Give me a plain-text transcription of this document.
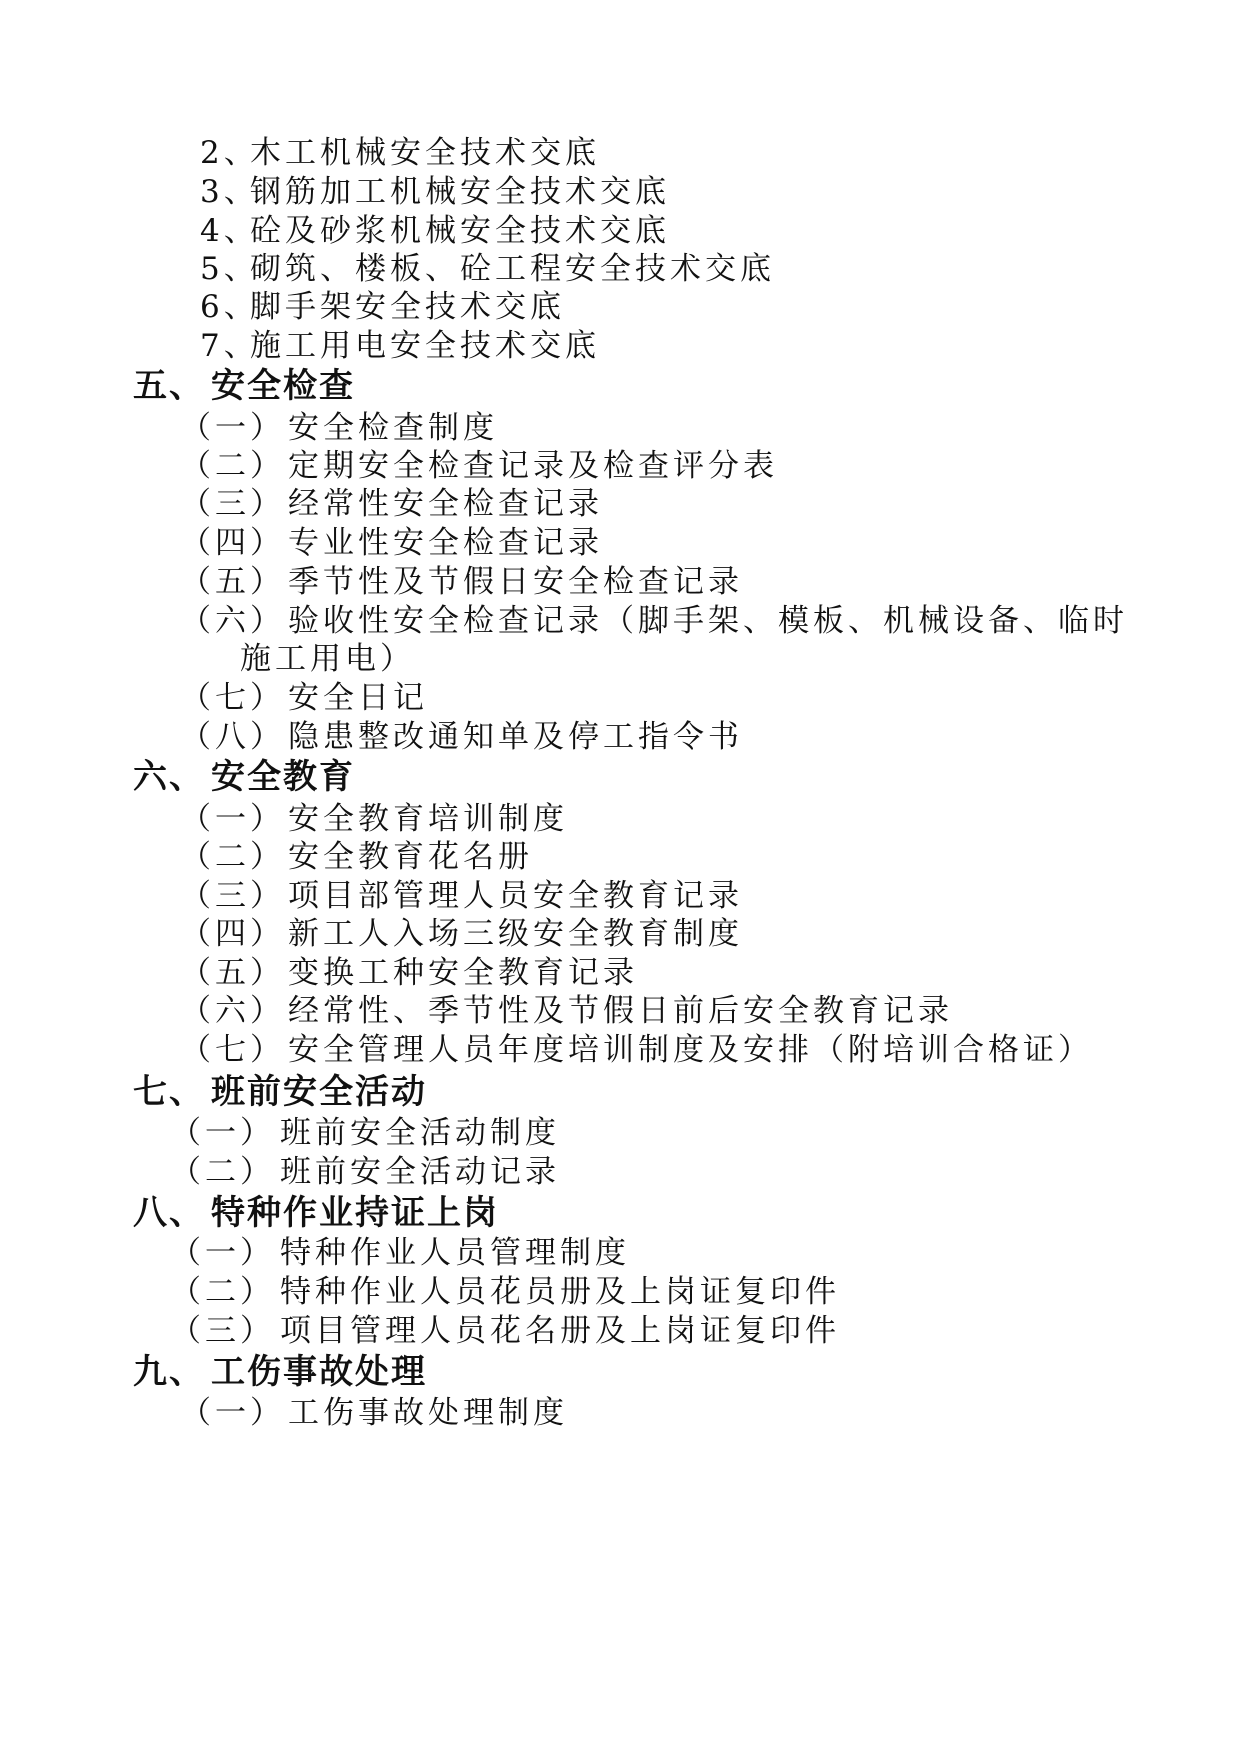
2、木工机械安全技术交底
3、钢筋加工机械安全技术交底
4、砼及砂浆机械安全技术交底
5、砌筑、楼板、砼工程安全技术交底
6、脚手架安全技术交底
7、施工用电安全技术交底
五、 安全检查
（一）安全检查制度
（二）定期安全检查记录及检查评分表
（三）经常性安全检查记录
（四）专业性安全检查记录
（五）季节性及节假日安全检查记录
（六）验收性安全检查记录（脚手架、模板、机械设备、临时
施工用电）
（七）安全日记
（八）隐患整改通知单及停工指令书
六、 安全教育
（一）安全教育培训制度
（二）安全教育花名册
（三）项目部管理人员安全教育记录
（四）新工人入场三级安全教育制度
（五）变换工种安全教育记录
（六）经常性、季节性及节假日前后安全教育记录
（七）安全管理人员年度培训制度及安排（附培训合格证）
七、 班前安全活动
（一） 班前安全活动制度
（二） 班前安全活动记录
八、 特种作业持证上岗
（一） 特种作业人员管理制度
（二） 特种作业人员花员册及上岗证复印件
（三） 项目管理人员花名册及上岗证复印件
九、 工伤事故处理
（一）工伤事故处理制度
